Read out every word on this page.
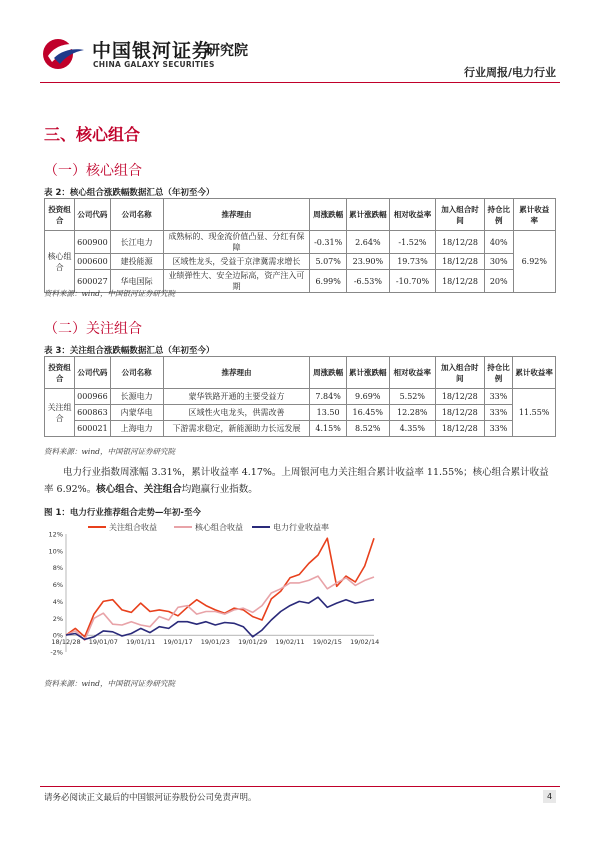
中国银河证券
CHINA GALAXY SECURITIES
研究院
行业周报/电力行业
三、核心组合
（一）核心组合
表 2：核心组合涨跌幅数据汇总（年初至今）
投资组合	公司代码	公司名称	推荐理由	周涨跌幅	累计涨跌幅	相对收益率	加入组合时间	持仓比例	累计收益率
核心组合	600900	长江电力	成熟标的、现金流价值凸显、分红有保障	-0.31%	2.64%	-1.52%	18/12/28	40%	6.92%
	000600	建投能源	区域性龙头，受益于京津冀需求增长	5.07%	23.90%	19.73%	18/12/28	30%	
	600027	华电国际	业绩弹性大、安全边际高，资产注入可期	6.99%	-6.53%	-10.70%	18/12/28	20%	
资料来源：wind，中国银河证券研究院
（二）关注组合
表 3：关注组合涨跌幅数据汇总（年初至今）
投资组合	公司代码	公司名称	推荐理由	周涨跌幅	累计涨跌幅	相对收益率	加入组合时间	持仓比例	累计收益率
关注组合	000966	长源电力	蒙华铁路开通的主要受益方	7.84%	9.69%	5.52%	18/12/28	33%	11.55%
	600863	内蒙华电	区域性火电龙头，供需改善	13.50	16.45%	12.28%	18/12/28	33%	
	600021	上海电力	下游需求稳定，新能源助力长远发展	4.15%	8.52%	4.35%	18/12/28	33%	
资料来源：wind，中国银河证券研究院
电力行业指数周涨幅 3.31%，累计收益率 4.17%。上周银河电力关注组合累计收益率 11.55%；核心组合累计收益率 6.92%。核心组合、关注组合均跑赢行业指数。
图 1：电力行业推荐组合走势—年初-至今
-2%
0%
2%
4%
6%
8%
10%
12%
18/12/28 19/01/07 19/01/11 19/01/17 19/01/23 19/01/29 19/02/11 19/02/15 19/02/14
关注组合收益	核心组合收益	电力行业收益率
资料来源：wind，中国银河证券研究院
请务必阅读正文最后的中国银河证券股份公司免责声明。	4
